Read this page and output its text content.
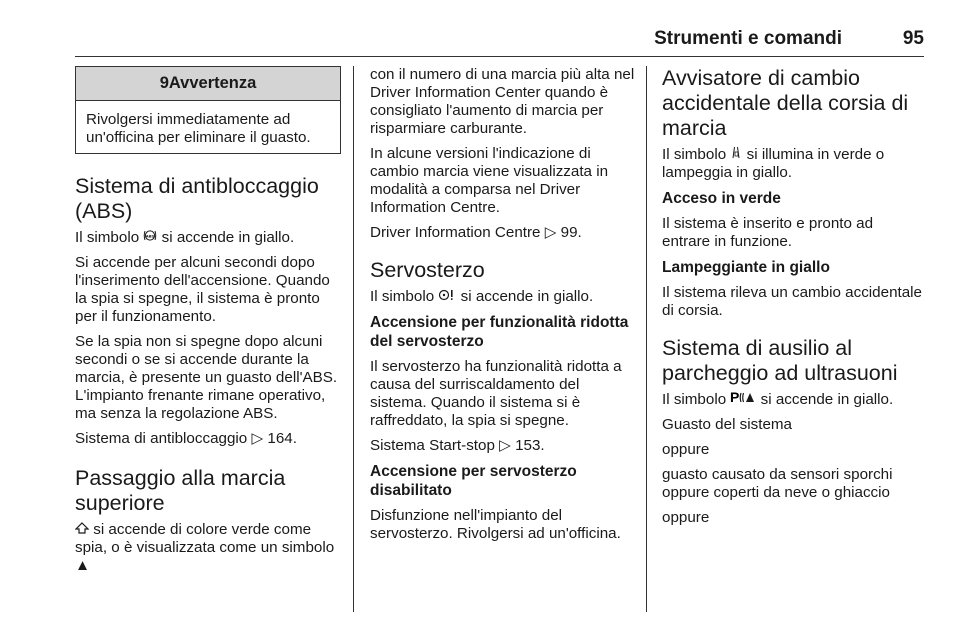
Strumenti e comandi	95
9Avvertenza
Rivolgersi immediatamente ad un'officina per eliminare il guasto.
Sistema di antibloccaggio (ABS)

Il simbolo ABS si accende in giallo.

Si accende per alcuni secondi dopo l'inserimento dell'accensione. Quando la spia si spegne, il sistema è pronto per il funzionamento.

Se la spia non si spegne dopo alcuni secondi o se si accende durante la marcia, è presente un guasto dell'ABS. L'impianto frenante rimane operativo, ma senza la regolazione ABS.

Sistema di antibloccaggio ▷ 164.

Passaggio alla marcia superiore

si accende di colore verde come spia, o è visualizzata come un simbolo ▲

con il numero di una marcia più alta nel Driver Information Center quando è consigliato l'aumento di marcia per risparmiare carburante.

In alcune versioni l'indicazione di cambio marcia viene visualizzata in modalità a comparsa nel Driver Information Centre.

Driver Information Centre ▷ 99.

Servosterzo

Il simbolo si accende in giallo.

Accensione per funzionalità ridotta del servosterzo

Il servosterzo ha funzionalità ridotta a causa del surriscaldamento del sistema. Quando il sistema si è raffreddato, la spia si spegne.

Sistema Start-stop ▷ 153.

Accensione per servosterzo disabilitato

Disfunzione nell'impianto del servosterzo. Rivolgersi ad un'officina.

Avvisatore di cambio accidentale della corsia di marcia

Il simbolo si illumina in verde o lampeggia in giallo.

Acceso in verde

Il sistema è inserito e pronto ad entrare in funzione.

Lampeggiante in giallo

Il sistema rileva un cambio accidentale di corsia.

Sistema di ausilio al parcheggio ad ultrasuoni

Il simbolo P si accende in giallo.

Guasto del sistema

oppure

guasto causato da sensori sporchi oppure coperti da neve o ghiaccio

oppure
